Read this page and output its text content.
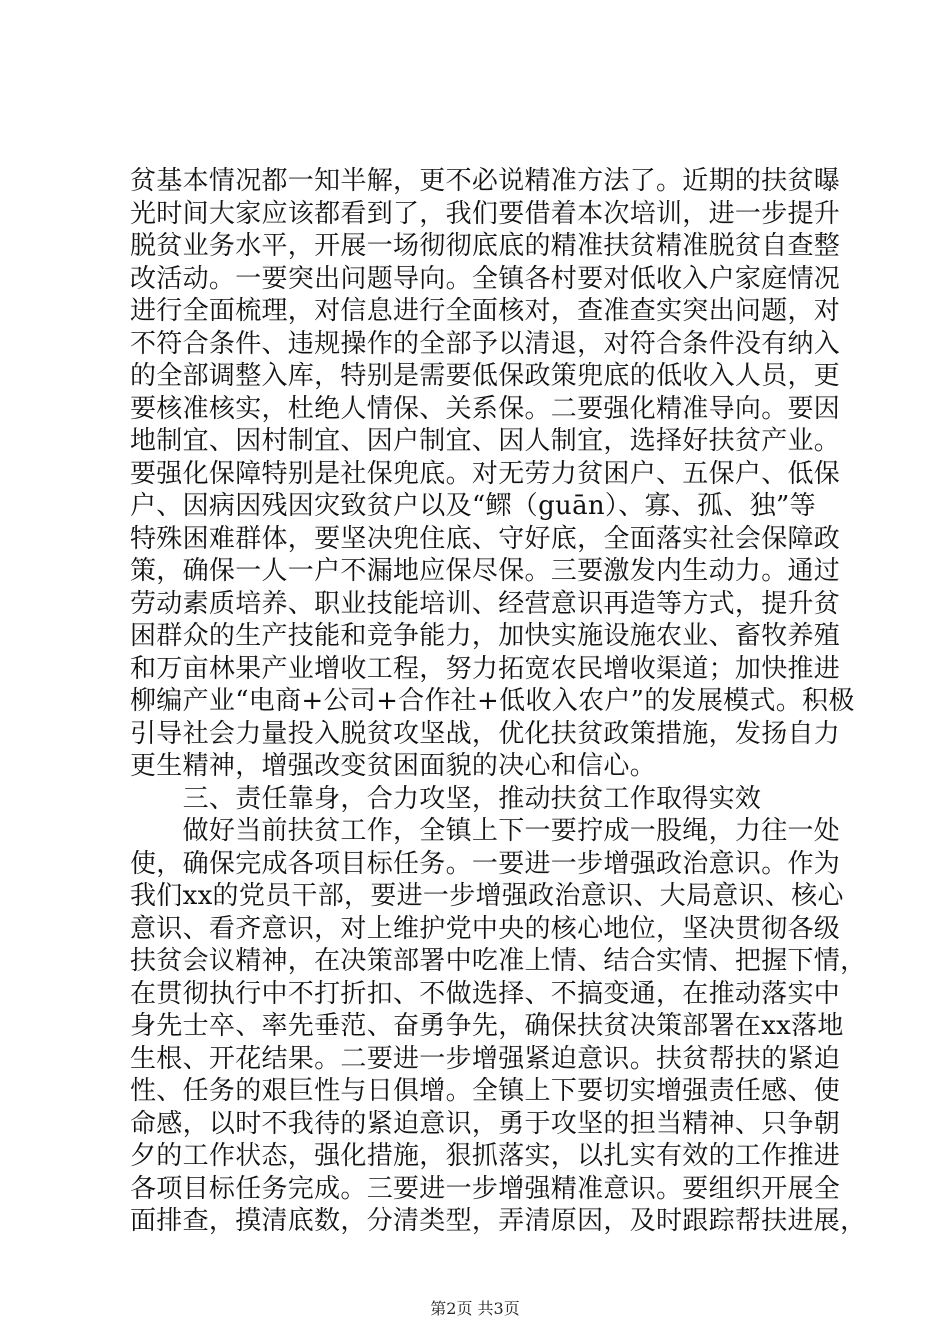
贫基本情况都一知半解，更不必说精准方法了。近期的扶贫曝
光时间大家应该都看到了，我们要借着本次培训，进一步提升
脱贫业务水平，开展一场彻彻底底的精准扶贫精准脱贫自查整
改活动。一要突出问题导向。全镇各村要对低收入户家庭情况
进行全面梳理，对信息进行全面核对，查准查实突出问题，对
不符合条件、违规操作的全部予以清退，对符合条件没有纳入
的全部调整入库，特别是需要低保政策兜底的低收入人员，更
要核准核实，杜绝人情保、关系保。二要强化精准导向。要因
地制宜、因村制宜、因户制宜、因人制宜，选择好扶贫产业。
要强化保障特别是社保兜底。对无劳力贫困户、五保户、低保
户、因病因残因灾致贫户以及“鳏（guān）、寡、孤、独”等
特殊困难群体，要坚决兜住底、守好底，全面落实社会保障政
策，确保一人一户不漏地应保尽保。三要激发内生动力。通过
劳动素质培养、职业技能培训、经营意识再造等方式，提升贫
困群众的生产技能和竞争能力，加快实施设施农业、畜牧养殖
和万亩林果产业增收工程，努力拓宽农民增收渠道；加快推进
柳编产业“电商+公司+合作社+低收入农户”的发展模式。积极
引导社会力量投入脱贫攻坚战，优化扶贫政策措施，发扬自力
更生精神，增强改变贫困面貌的决心和信心。
　　三、责任靠身，合力攻坚，推动扶贫工作取得实效
　　做好当前扶贫工作，全镇上下一要拧成一股绳，力往一处
使，确保完成各项目标任务。一要进一步增强政治意识。作为
我们xx的党员干部，要进一步增强政治意识、大局意识、核心
意识、看齐意识，对上维护党中央的核心地位，坚决贯彻各级
扶贫会议精神，在决策部署中吃准上情、结合实情、把握下情，
在贯彻执行中不打折扣、不做选择、不搞变通，在推动落实中
身先士卒、率先垂范、奋勇争先，确保扶贫决策部署在xx落地
生根、开花结果。二要进一步增强紧迫意识。扶贫帮扶的紧迫
性、任务的艰巨性与日俱增。全镇上下要切实增强责任感、使
命感，以时不我待的紧迫意识，勇于攻坚的担当精神、只争朝
夕的工作状态，强化措施，狠抓落实，以扎实有效的工作推进
各项目标任务完成。三要进一步增强精准意识。要组织开展全
面排查，摸清底数，分清类型，弄清原因，及时跟踪帮扶进展，
第2页 共3页
